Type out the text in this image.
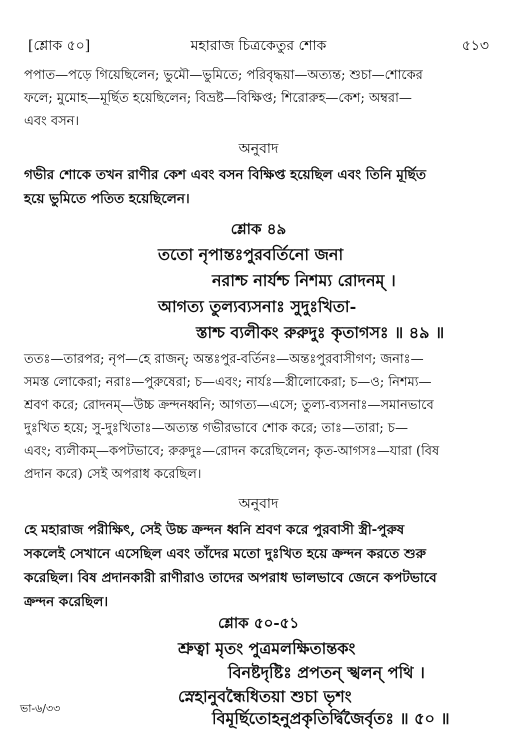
[শ্লোক ৫০]	মহারাজ চিত্রকেতুর শোক	৫১৩
পপাত—পড়ে গিয়েছিলেন; ভুমৌ—ভুমিতে; পরিবৃদ্ধয়া—অত্যন্ত; শুচা—শোকের
ফলে; মুমোহ—মূর্ছিত হয়েছিলেন; বিভ্রষ্ট—বিক্ষিপ্ত; শিরোরুহ—কেশ; অম্বরা—
এবং বসন।
অনুবাদ
গভীর শোকে তখন রাণীর কেশ এবং বসন বিক্ষিপ্ত হয়েছিল এবং তিনি মূর্ছিত
হয়ে ভুমিতে পতিত হয়েছিলেন।
শ্লোক ৪৯
ততো নৃপান্তঃপুরবর্তিনো জনা
নরাশ্চ নার্যশ্চ নিশম্য রোদনম্ ।
আগত্য তুল্যব্যসনাঃ সুদুঃখিতা-
স্তাশ্চ ব্যলীকং রুরুদুঃ কৃতাগসঃ ॥ ৪৯ ॥
ততঃ—তারপর; নৃপ—হে রাজন্; অন্তঃপুর-বর্তিনঃ—অন্তঃপুরবাসীগণ; জনাঃ—
সমস্ত লোকেরা; নরাঃ—পুরুষেরা; চ—এবং; নার্যঃ—স্ত্রীলোকেরা; চ—ও; নিশম্য—
শ্রবণ করে; রোদনম্—উচ্চ ক্রন্দনধ্বনি; আগত্য—এসে; তুল্য-ব্যসনাঃ—সমানভাবে
দুঃখিত হয়ে; সু-দুঃখিতাঃ—অত্যন্ত গভীরভাবে শোক করে; তাঃ—তারা; চ—
এবং; ব্যলীকম্—কপটভাবে; রুরুদুঃ—রোদন করেছিলেন; কৃত-আগসঃ—যারা (বিষ
প্রদান করে) সেই অপরাধ করেছিল।
অনুবাদ
হে মহারাজ পরীক্ষিৎ, সেই উচ্চ ক্রন্দন ধ্বনি শ্রবণ করে পুরবাসী স্ত্রী-পুরুষ
সকলেই সেখানে এসেছিল এবং তাঁদের মতো দুঃখিত হয়ে ক্রন্দন করতে শুরু
করেছিল। বিষ প্রদানকারী রাণীরাও তাদের অপরাধ ভালভাবে জেনে কপটভাবে
ক্রন্দন করেছিল।
শ্লোক ৫০-৫১
শ্রুত্বা মৃতং পুত্রমলক্ষিতান্তকং
বিনষ্টদৃষ্টিঃ প্রপতন্ স্খলন্ পথি ।
স্নেহানুবন্ধৈধিতয়া শুচা ভৃশং
বিমূর্ছিতোহনুপ্রকৃতির্দ্বিজৈর্বৃতঃ ॥ ৫০ ॥
ভা-৬/৩৩
